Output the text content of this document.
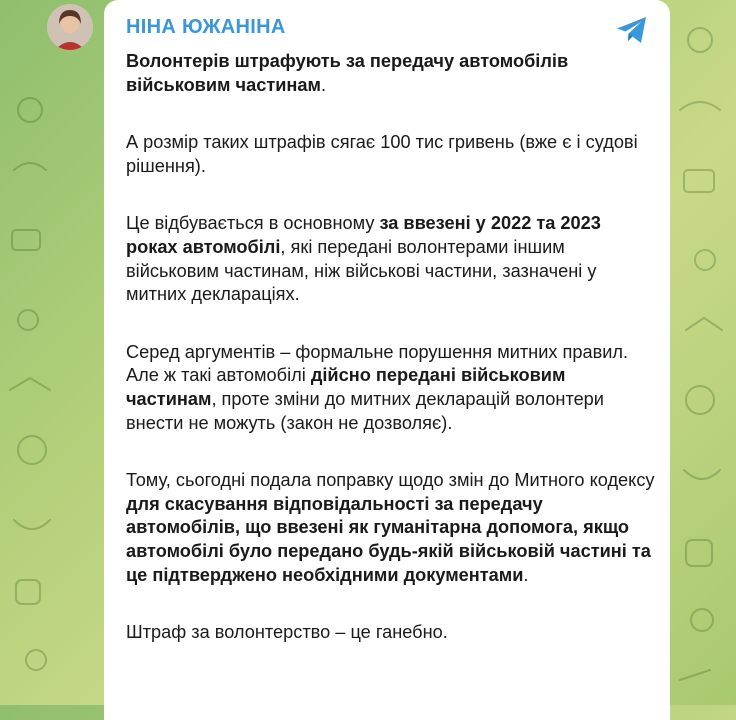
НІНА ЮЖАНІНА

Волонтерів штрафують за передачу автомобілів військовим частинам.

А розмір таких штрафів сягає 100 тис гривень (вже є і судові рішення).

Це відбувається в основному за ввезені у 2022 та 2023 роках автомобілі, які передані волонтерами іншим військовим частинам, ніж військові частини, зазначені у митних деклараціях.

Серед аргументів – формальне порушення митних правил. Але ж такі автомобілі дійсно передані військовим частинам, проте зміни до митних декларацій волонтери внести не можуть (закон не дозволяє).

Тому, сьогодні подала поправку щодо змін до Митного кодексу для скасування відповідальності за передачу автомобілів, що ввезені як гуманітарна допомога, якщо автомобілі було передано будь-якій військовій частині та це підтверджено необхідними документами.

Штраф за волонтерство – це ганебно.
